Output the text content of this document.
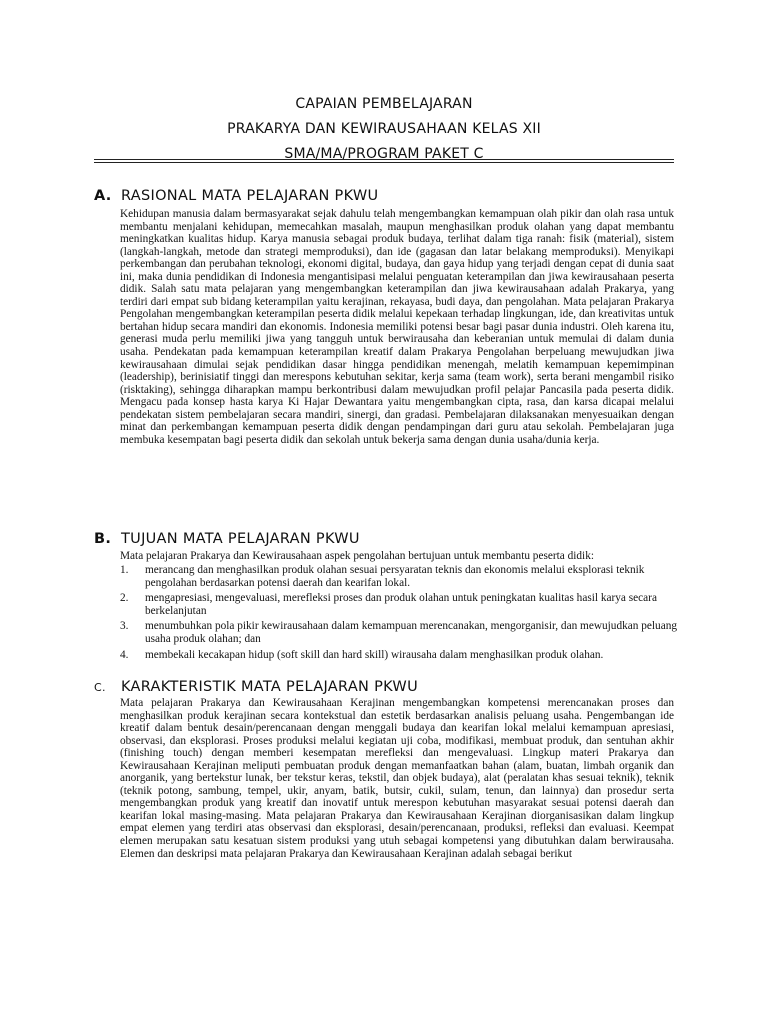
CAPAIAN PEMBELAJARAN
PRAKARYA DAN KEWIRAUSAHAAN KELAS XII
SMA/MA/PROGRAM PAKET C
A. RASIONAL MATA PELAJARAN PKWU
Kehidupan manusia dalam bermasyarakat sejak dahulu telah mengembangkan kemampuan olah pikir dan olah rasa untuk membantu menjalani kehidupan, memecahkan masalah, maupun menghasilkan produk olahan yang dapat membantu meningkatkan kualitas hidup. Karya manusia sebagai produk budaya, terlihat dalam tiga ranah: fisik (material), sistem (langkah-langkah, metode dan strategi memproduksi), dan ide (gagasan dan latar belakang memproduksi). Menyikapi perkembangan dan perubahan teknologi, ekonomi digital, budaya, dan gaya hidup yang terjadi dengan cepat di dunia saat ini, maka dunia pendidikan di Indonesia mengantisipasi melalui penguatan keterampilan dan jiwa kewirausahaan peserta didik. Salah satu mata pelajaran yang mengembangkan keterampilan dan jiwa kewirausahaan adalah Prakarya, yang terdiri dari empat sub bidang keterampilan yaitu kerajinan, rekayasa, budi daya, dan pengolahan. Mata pelajaran Prakarya Pengolahan mengembangkan keterampilan peserta didik melalui kepekaan terhadap lingkungan, ide, dan kreativitas untuk bertahan hidup secara mandiri dan ekonomis. Indonesia memiliki potensi besar bagi pasar dunia industri. Oleh karena itu, generasi muda perlu memiliki jiwa yang tangguh untuk berwirausaha dan keberanian untuk memulai di dalam dunia usaha. Pendekatan pada kemampuan keterampilan kreatif dalam Prakarya Pengolahan berpeluang mewujudkan jiwa kewirausahaan dimulai sejak pendidikan dasar hingga pendidikan menengah, melatih kemampuan kepemimpinan (leadership), berinisiatif tinggi dan merespons kebutuhan sekitar, kerja sama (team work), serta berani mengambil risiko (risktaking), sehingga diharapkan mampu berkontribusi dalam mewujudkan profil pelajar Pancasila pada peserta didik. Mengacu pada konsep hasta karya Ki Hajar Dewantara yaitu mengembangkan cipta, rasa, dan karsa dicapai melalui pendekatan sistem pembelajaran secara mandiri, sinergi, dan gradasi. Pembelajaran dilaksanakan menyesuaikan dengan minat dan perkembangan kemampuan peserta didik dengan pendampingan dari guru atau sekolah. Pembelajaran juga membuka kesempatan bagi peserta didik dan sekolah untuk bekerja sama dengan dunia usaha/dunia kerja.
B. TUJUAN MATA PELAJARAN PKWU
Mata pelajaran Prakarya dan Kewirausahaan aspek pengolahan bertujuan untuk membantu peserta didik:
1. merancang dan menghasilkan produk olahan sesuai persyaratan teknis dan ekonomis melalui eksplorasi teknik pengolahan berdasarkan potensi daerah dan kearifan lokal.
2. mengapresiasi, mengevaluasi, merefleksi proses dan produk olahan untuk peningkatan kualitas hasil karya secara berkelanjutan
3. menumbuhkan pola pikir kewirausahaan dalam kemampuan merencanakan, mengorganisir, dan mewujudkan peluang usaha produk olahan; dan
4. membekali kecakapan hidup (soft skill dan hard skill) wirausaha dalam menghasilkan produk olahan.
C. KARAKTERISTIK MATA PELAJARAN PKWU
Mata pelajaran Prakarya dan Kewirausahaan Kerajinan mengembangkan kompetensi merencanakan proses dan menghasilkan produk kerajinan secara kontekstual dan estetik berdasarkan analisis peluang usaha. Pengembangan ide kreatif dalam bentuk desain/perencanaan dengan menggali budaya dan kearifan lokal melalui kemampuan apresiasi, observasi, dan eksplorasi. Proses produksi melalui kegiatan uji coba, modifikasi, membuat produk, dan sentuhan akhir (finishing touch) dengan memberi kesempatan merefleksi dan mengevaluasi. Lingkup materi Prakarya dan Kewirausahaan Kerajinan meliputi pembuatan produk dengan memanfaatkan bahan (alam, buatan, limbah organik dan anorganik, yang bertekstur lunak, ber tekstur keras, tekstil, dan objek budaya), alat (peralatan khas sesuai teknik), teknik (teknik potong, sambung, tempel, ukir, anyam, batik, butsir, cukil, sulam, tenun, dan lainnya) dan prosedur serta mengembangkan produk yang kreatif dan inovatif untuk merespon kebutuhan masyarakat sesuai potensi daerah dan kearifan lokal masing-masing. Mata pelajaran Prakarya dan Kewirausahaan Kerajinan diorganisasikan dalam lingkup empat elemen yang terdiri atas observasi dan eksplorasi, desain/perencanaan, produksi, refleksi dan evaluasi. Keempat elemen merupakan satu kesatuan sistem produksi yang utuh sebagai kompetensi yang dibutuhkan dalam berwirausaha. Elemen dan deskripsi mata pelajaran Prakarya dan Kewirausahaan Kerajinan adalah sebagai berikut
